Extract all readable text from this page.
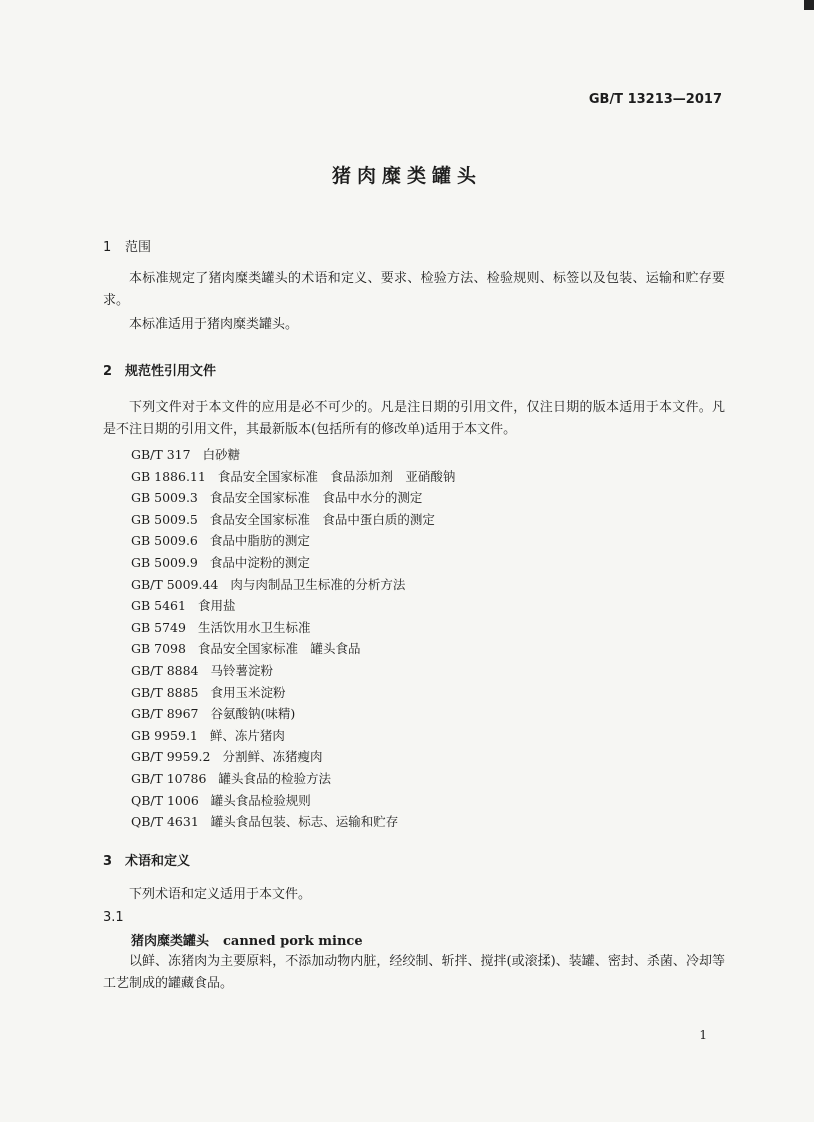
GB/T 13213—2017
猪肉糜类罐头
1 范围
本标准规定了猪肉糜类罐头的术语和定义、要求、检验方法、检验规则、标签以及包装、运输和贮存要求。
本标准适用于猪肉糜类罐头。
2 规范性引用文件
下列文件对于本文件的应用是必不可少的。凡是注日期的引用文件，仅注日期的版本适用于本文件。凡是不注日期的引用文件，其最新版本(包括所有的修改单)适用于本文件。
GB/T 317 白砂糖
GB 1886.11 食品安全国家标准　食品添加剂　亚硝酸钠
GB 5009.3 食品安全国家标准　食品中水分的测定
GB 5009.5 食品安全国家标准　食品中蛋白质的测定
GB 5009.6 食品中脂肪的测定
GB 5009.9 食品中淀粉的测定
GB/T 5009.44 肉与肉制品卫生标准的分析方法
GB 5461 食用盐
GB 5749 生活饮用水卫生标准
GB 7098 食品安全国家标准　罐头食品
GB/T 8884 马铃薯淀粉
GB/T 8885 食用玉米淀粉
GB/T 8967 谷氨酸钠(味精)
GB 9959.1 鲜、冻片猪肉
GB/T 9959.2 分割鲜、冻猪瘦肉
GB/T 10786 罐头食品的检验方法
QB/T 1006 罐头食品检验规则
QB/T 4631 罐头食品包装、标志、运输和贮存
3 术语和定义
下列术语和定义适用于本文件。
3.1
猪肉糜类罐头 canned pork mince
以鲜、冻猪肉为主要原料，不添加动物内脏，经绞制、斩拌、搅拌(或滚揉)、装罐、密封、杀菌、冷却等工艺制成的罐藏食品。
1
